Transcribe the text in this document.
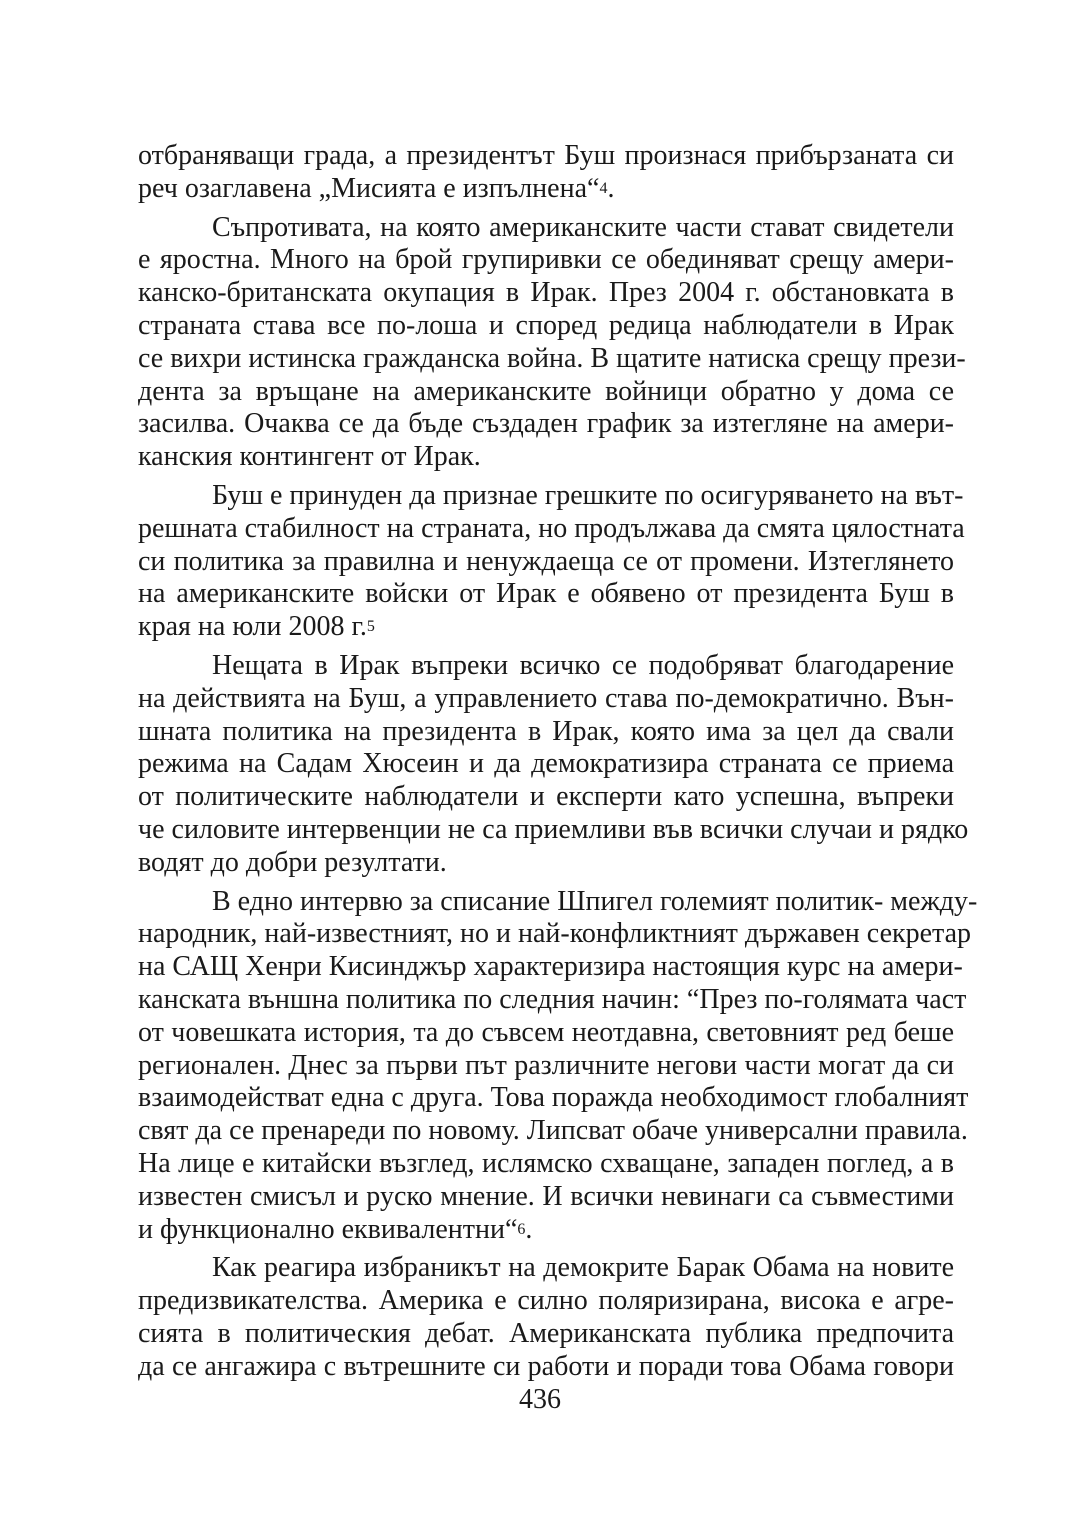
отбраняващи града, а президентът Буш произнася прибързаната си
реч озаглавена „Мисията е изпълнена“$^4$.
Съпротивата, на която американските части стават свидетели
е яростна. Много на брой групиривки се обединяват срещу амери-
канско-британската окупация в Ирак. През 2004 г. обстановката в
страната става все по-лоша и според редица наблюдатели в Ирак
се вихри истинска гражданска война. В щатите натиска срещу прези-
дента за връщане на американските войници обратно у дома се
засилва. Очаква се да бъде създаден график за изтегляне на амери-
канския контингент от Ирак.
Буш е принуден да признае грешките по осигуряването на вът-
решната стабилност на страната, но продължава да смята цялостната
си политика за правилна и ненуждаеща се от промени. Изтеглянето
на американските войски от Ирак е обявено от президента Буш в
края на юли 2008 г.$^5$
Нещата в Ирак въпреки всичко се подобряват благодарение
на действията на Буш, а управлението става по-демократично. Вън-
шната политика на президента в Ирак, която има за цел да свали
режима на Садам Хюсеин и да демократизира страната се приема
от политическите наблюдатели и експерти като успешна, въпреки
че силовите интервенции не са приемливи във всички случаи и рядко
водят до добри резултати.
В едно интервю за списание Шпигел големият политик- между-
народник, най-известният, но и най-конфликтният държавен секретар
на САЩ Хенри Кисинджър характеризира настоящия курс на амери-
канската външна политика по следния начин: “През по-голямата част
от човешката история, та до съвсем неотдавна, световният ред беше
регионален. Днес за първи път различните негови части могат да си
взаимодействат една с друга. Това поражда необходимост глобалният
свят да се пренареди по новому. Липсват обаче универсални правила.
На лице е китайски възглед, ислямско схващане, западен поглед, а в
известен смисъл и руско мнение. И всички невинаги са съвместими
и функционално еквивалентни“$^6$.
Как реагира избраникът на демокрите Барак Обама на новите
предизвикателства. Америка е силно поляризирана, висока е агре-
сията в политическия дебат. Американската публика предпочита
да се ангажира с вътрешните си работи и поради това Обама говори
436
